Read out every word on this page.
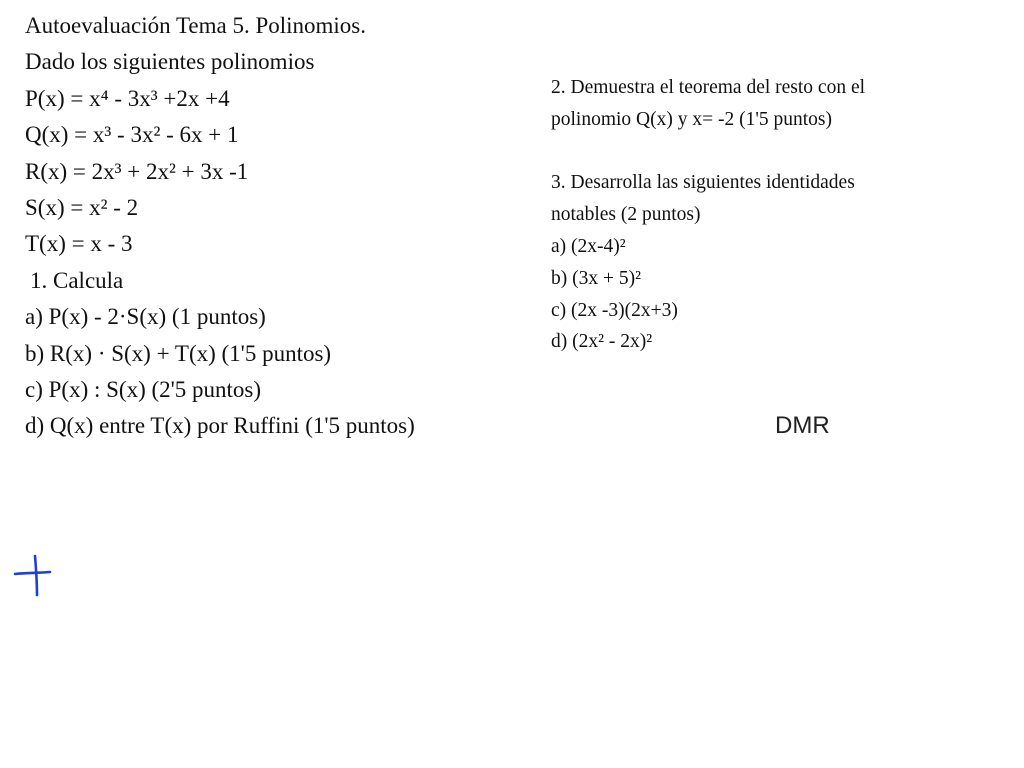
Autoevaluación Tema 5. Polinomios.
Dado los siguientes polinomios
P(x) = x⁴ - 3x³ +2x +4
Q(x) = x³ - 3x² - 6x + 1
R(x) = 2x³ + 2x² + 3x -1
S(x) = x² - 2
T(x) = x - 3
1. Calcula
a) P(x) - 2·S(x) (1 puntos)
b) R(x) · S(x) + T(x) (1'5 puntos)
c) P(x) : S(x) (2'5 puntos)
d) Q(x) entre T(x) por Ruffini (1'5 puntos)
2. Demuestra el teorema del resto con el
polinomio Q(x) y x= -2 (1'5 puntos)
3. Desarrolla las siguientes identidades
notables (2 puntos)
a) (2x-4)²
b) (3x + 5)²
c) (2x -3)(2x+3)
d) (2x² - 2x)²
DMR
